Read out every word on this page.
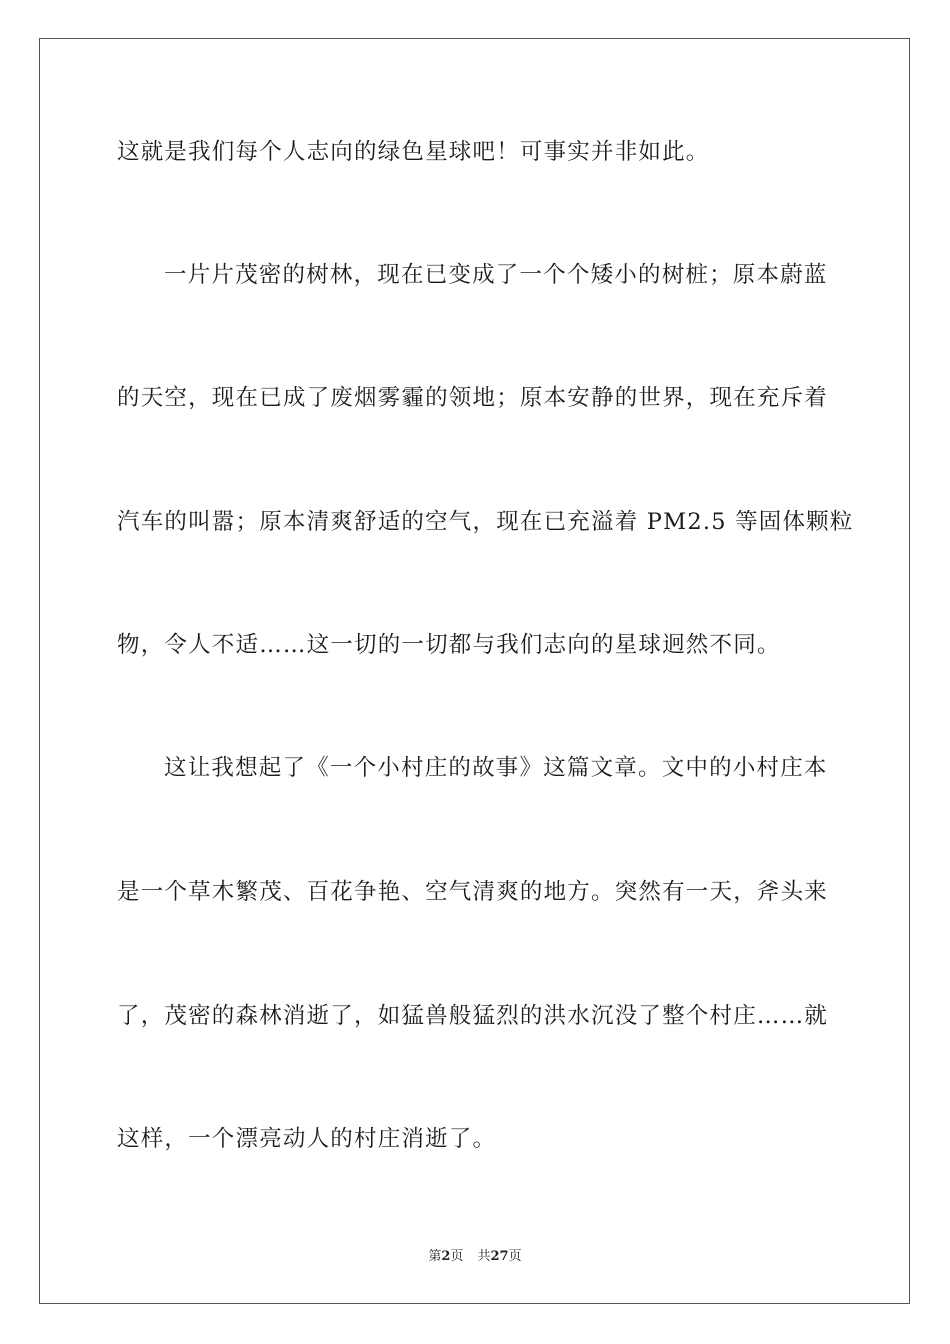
这就是我们每个人志向的绿色星球吧！可事实并非如此。
一片片茂密的树林，现在已变成了一个个矮小的树桩；原本蔚蓝
的天空，现在已成了废烟雾霾的领地；原本安静的世界，现在充斥着
汽车的叫嚣；原本清爽舒适的空气，现在已充溢着 PM2.5 等固体颗粒
物，令人不适……这一切的一切都与我们志向的星球迥然不同。
这让我想起了《一个小村庄的故事》这篇文章。文中的小村庄本
是一个草木繁茂、百花争艳、空气清爽的地方。突然有一天，斧头来
了，茂密的森林消逝了，如猛兽般猛烈的洪水沉没了整个村庄……就
这样，一个漂亮动人的村庄消逝了。
第2页 共27页
